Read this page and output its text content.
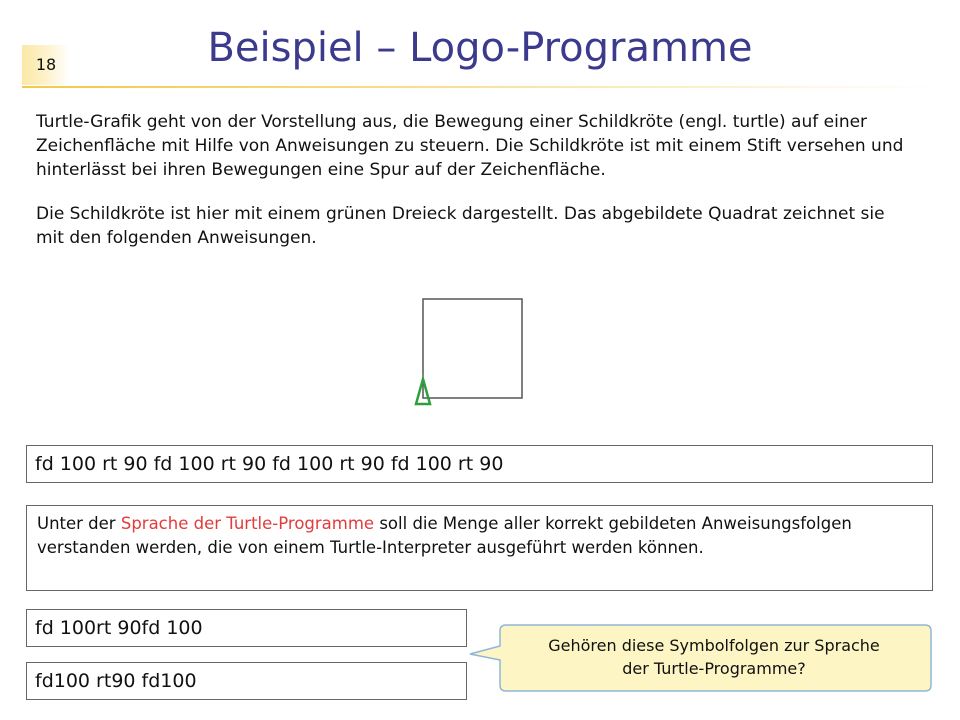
18	Beispiel – Logo-Programme

Turtle-Grafik geht von der Vorstellung aus, die Bewegung einer Schildkröte (engl. turtle) auf einer Zeichenfläche mit Hilfe von Anweisungen zu steuern. Die Schildkröte ist mit einem Stift versehen und hinterlässt bei ihren Bewegungen eine Spur auf der Zeichenfläche.

Die Schildkröte ist hier mit einem grünen Dreieck dargestellt. Das abgebildete Quadrat zeichnet sie mit den folgenden Anweisungen.

fd 100 rt 90 fd 100 rt 90 fd 100 rt 90 fd 100 rt 90
Unter der Sprache der Turtle-Programme soll die Menge aller korrekt gebildeten Anweisungsfolgen verstanden werden, die von einem Turtle-Interpreter ausgeführt werden können.
fd 100rt 90fd 100
fd100 rt90 fd100

Gehören diese Symbolfolgen zur Sprache
der Turtle-Programme?
